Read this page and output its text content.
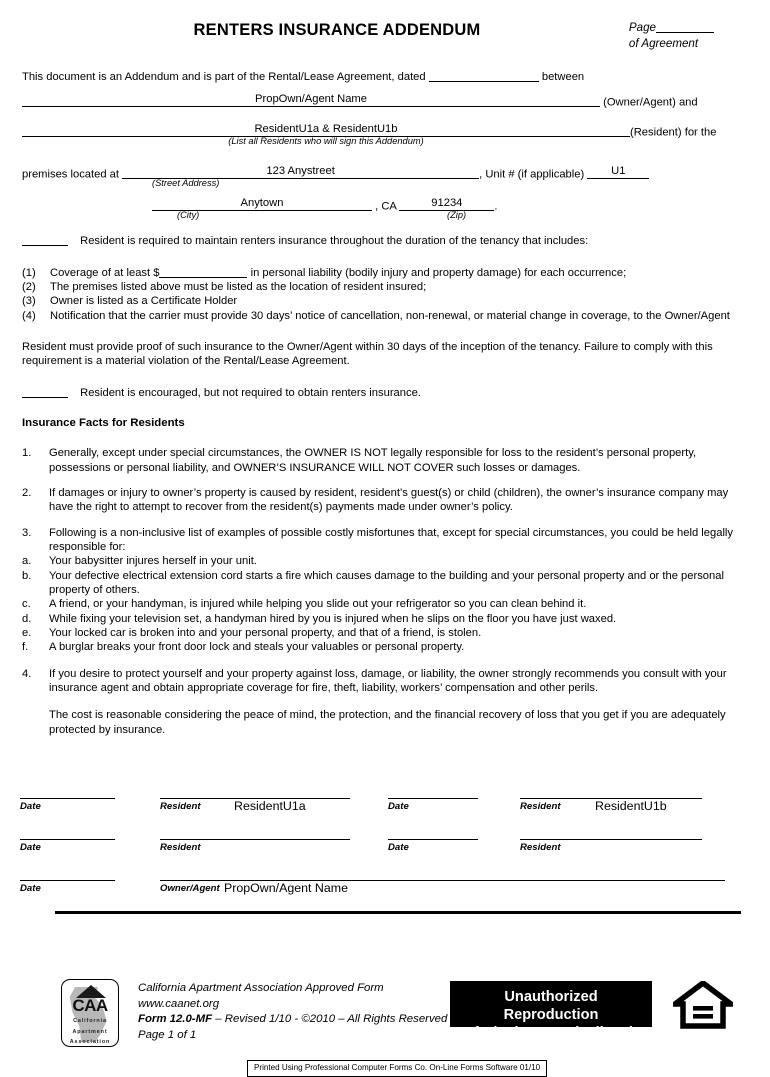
RENTERS INSURANCE ADDENDUM	Page
of Agreement
This document is an Addendum and is part of the Rental/Lease Agreement, dated	between
PropOwn/Agent Name	(Owner/Agent) and
ResidentU1a & ResidentU1b	(Resident) for the
(List all Residents who will sign this Addendum)
premises located at	123 Anystreet	, Unit # (if applicable) U1
(Street Address)
Anytown	, CA	91234	.
(City)	(Zip)
Resident is required to maintain renters insurance throughout the duration of the tenancy that includes:
(1)	Coverage of at least $	in personal liability (bodily injury and property damage) for each occurrence;
(2)	The premises listed above must be listed as the location of resident insured;
(3)	Owner is listed as a Certificate Holder
(4)	Notification that the carrier must provide 30 days’ notice of cancellation, non-renewal, or material change in coverage, to the Owner/Agent
Resident must provide proof of such insurance to the Owner/Agent within 30 days of the inception of the tenancy. Failure to comply with this requirement is a material violation of the Rental/Lease Agreement.
Resident is encouraged, but not required to obtain renters insurance.
Insurance Facts for Residents
1.	Generally, except under special circumstances, the OWNER IS NOT legally responsible for loss to the resident’s personal property, possessions or personal liability, and OWNER’S INSURANCE WILL NOT COVER such losses or damages.
2.	If damages or injury to owner’s property is caused by resident, resident’s guest(s) or child (children), the owner’s insurance company may have the right to attempt to recover from the resident(s) payments made under owner’s policy.
3.	Following is a non-inclusive list of examples of possible costly misfortunes that, except for special circumstances, you could be held legally responsible for:
a.	Your babysitter injures herself in your unit.
b.	Your defective electrical extension cord starts a fire which causes damage to the building and your personal property and or the personal property of others.
c.	A friend, or your handyman, is injured while helping you slide out your refrigerator so you can clean behind it.
d.	While fixing your television set, a handyman hired by you is injured when he slips on the floor you have just waxed.
e.	Your locked car is broken into and your personal property, and that of a friend, is stolen.
f.	A burglar breaks your front door lock and steals your valuables or personal property.
4.	If you desire to protect yourself and your property against loss, damage, or liability, the owner strongly recommends you consult with your insurance agent and obtain appropriate coverage for fire, theft, liability, workers’ compensation and other perils.
The cost is reasonable considering the peace of mind, the protection, and the financial recovery of loss that you get if you are adequately protected by insurance.
Date	Resident	ResidentU1a	Date	Resident	ResidentU1b
Date	Resident	Date	Resident
Date	Owner/Agent PropOwn/Agent Name
CAA
California
Apartment
Association
California Apartment Association Approved Form
www.caanet.org
Form 12.0-MF – Revised 1/10 - ©2010 – All Rights Reserved
Page 1 of 1
Unauthorized Reproduction
of Blank Forms is Illegal.
Printed Using Professional Computer Forms Co. On-Line Forms Software 01/10
